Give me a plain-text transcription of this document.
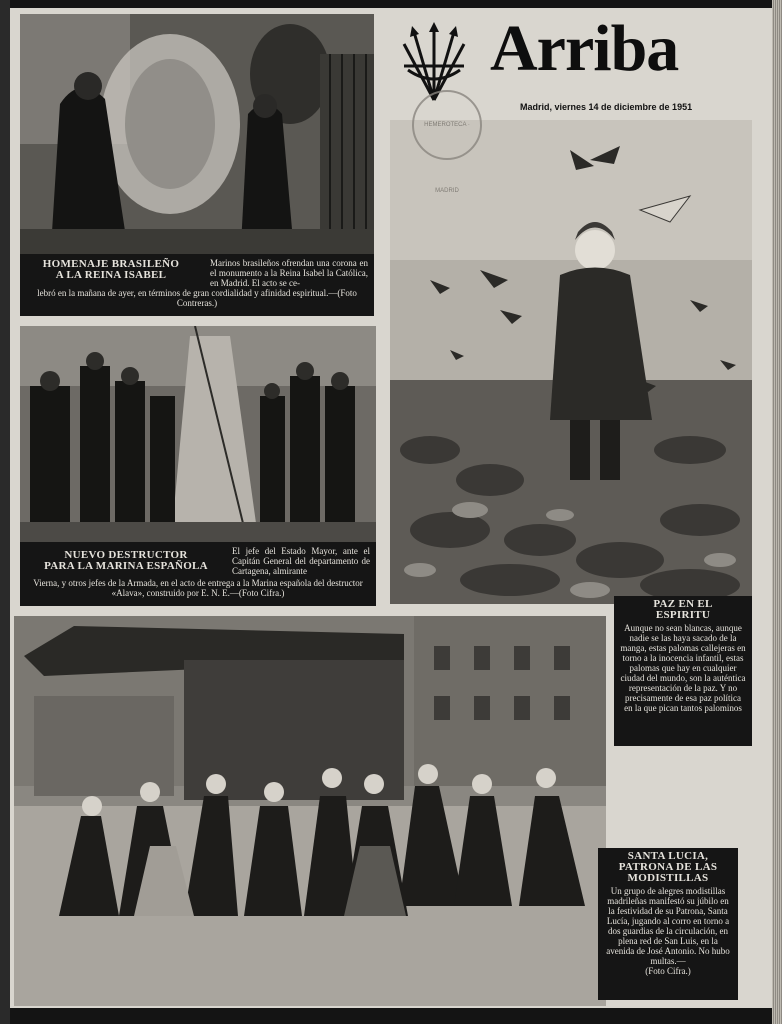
HOMENAJE BRASILEÑO
A LA REINA ISABEL
Marinos brasileños ofrendan una corona en el monumento a la Reina Isabel la Católica, en Madrid. El acto se ce-
lebró en la mañana de ayer, en términos de gran cordialidad y afinidad espiritual.—(Foto Contreras.)
NUEVO DESTRUCTOR
PARA LA MARINA ESPAÑOLA
El jefe del Estado Mayor, ante el Capitán General del departamento de Cartagena, almirante
Vierna, y otros jefes de la Armada, en el acto de entrega a la Marina española del destructor «Alava», construido por E. N. E.—(Foto Cifra.)
Arriba
Madrid, viernes 14 de diciembre de 1951
PAZ EN EL
ESPIRITU

Aunque no sean blancas, aunque nadie se las haya sacado de la manga, estas palomas callejeras en torno a la inocencia infantil, estas palomas que hay en cualquier ciudad del mundo, son la auténtica representación de la paz. Y no precisamente de esa paz política en la que pican tantos palominos

SANTA LUCIA,
PATRONA DE LAS
MODISTILLAS

Un grupo de alegres modistillas madrileñas manifestó su júbilo en la festividad de su Patrona, Santa Lucía, jugando al corro en torno a dos guardias de la circulación, en plena red de San Luis, en la avenida de José Antonio. No hubo multas.—

(Foto Cifra.)

HEMEROTECA · MADRID
